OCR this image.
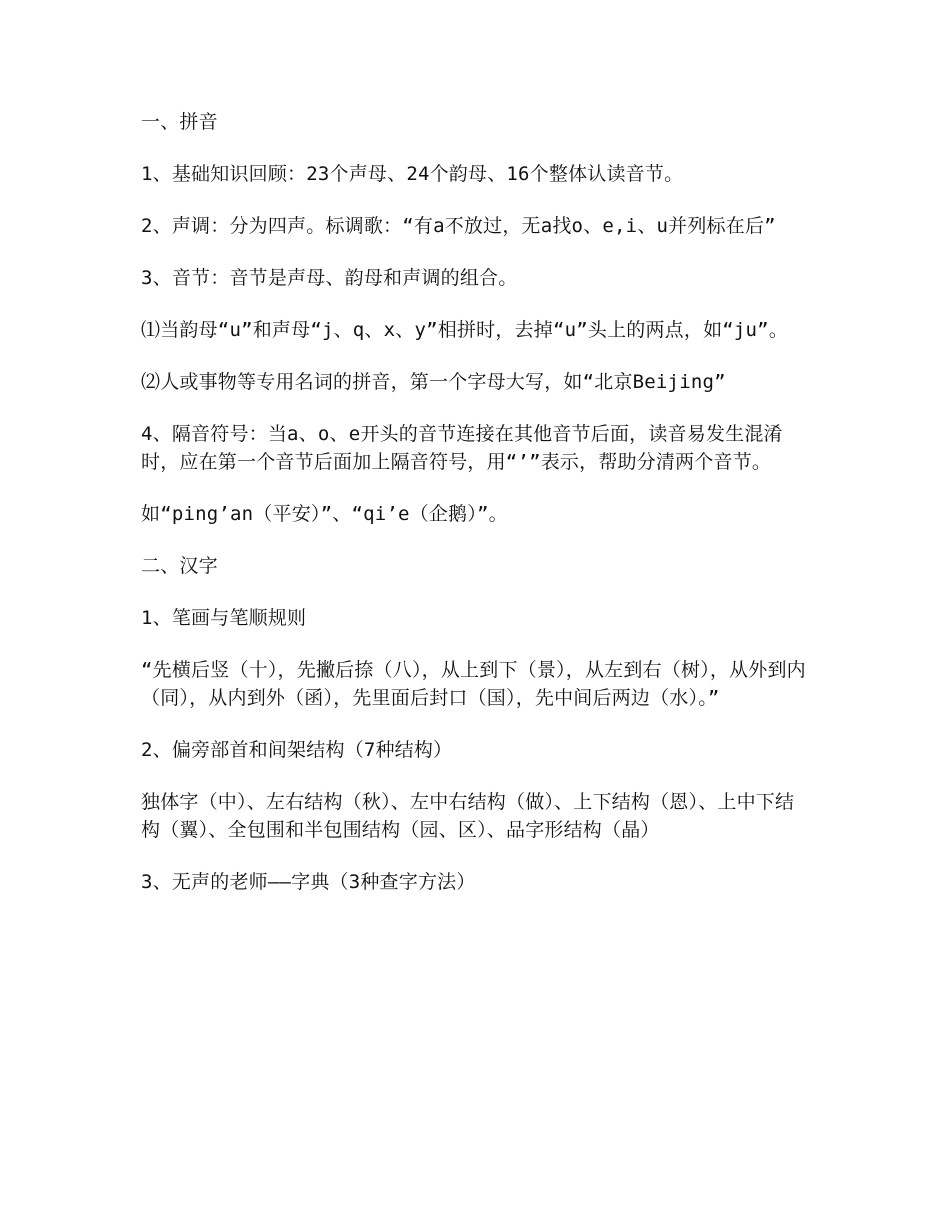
一、拼音

1、基础知识回顾：23个声母、24个韵母、16个整体认读音节。

2、声调：分为四声。标调歌：“有a不放过，无a找o、e,i、u并列标在后”

3、音节：音节是声母、韵母和声调的组合。

⑴当韵母“u”和声母“j、q、x、y”相拼时，去掉“u”头上的两点，如“ju”。

⑵人或事物等专用名词的拼音，第一个字母大写，如“北京Beijing”

4、隔音符号：当a、o、e开头的音节连接在其他音节后面，读音易发生混淆时，应在第一个音节后面加上隔音符号，用“’”表示，帮助分清两个音节。

如“ping’an（平安）”、“qi’e（企鹅）”。

二、汉字

1、笔画与笔顺规则

“先横后竖（十），先撇后捺（八），从上到下（景），从左到右（树），从外到内（同），从内到外（函），先里面后封口（国），先中间后两边（水）。”

2、偏旁部首和间架结构（7种结构）

独体字（中）、左右结构（秋）、左中右结构（做）、上下结构（恩）、上中下结构（翼）、全包围和半包围结构（园、区）、品字形结构（晶）

3、无声的老师——字典（3种查字方法）
